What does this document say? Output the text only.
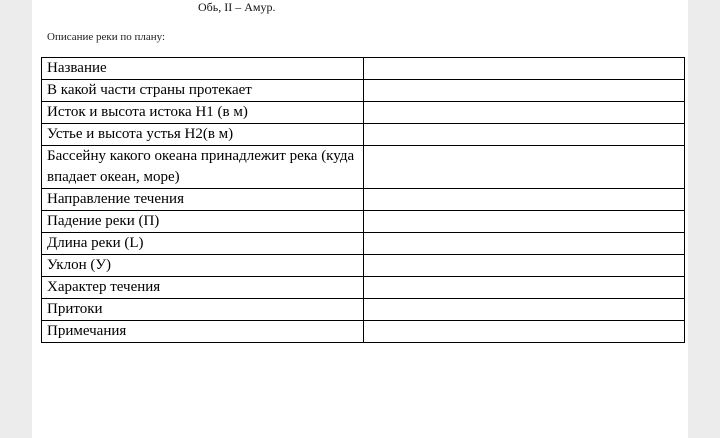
Обь, II – Амур.
Описание реки по плану:
Название	
В какой части страны протекает	
Исток и высота истока Н1 (в м)	
Устье и высота устья Н2(в м)	
Бассейну какого океана принадлежит река (куда впадает океан, море)	
Направление течения	
Падение реки (П)	
Длина реки (L)	
Уклон (У)	
Характер течения	
Притоки	
Примечания	
